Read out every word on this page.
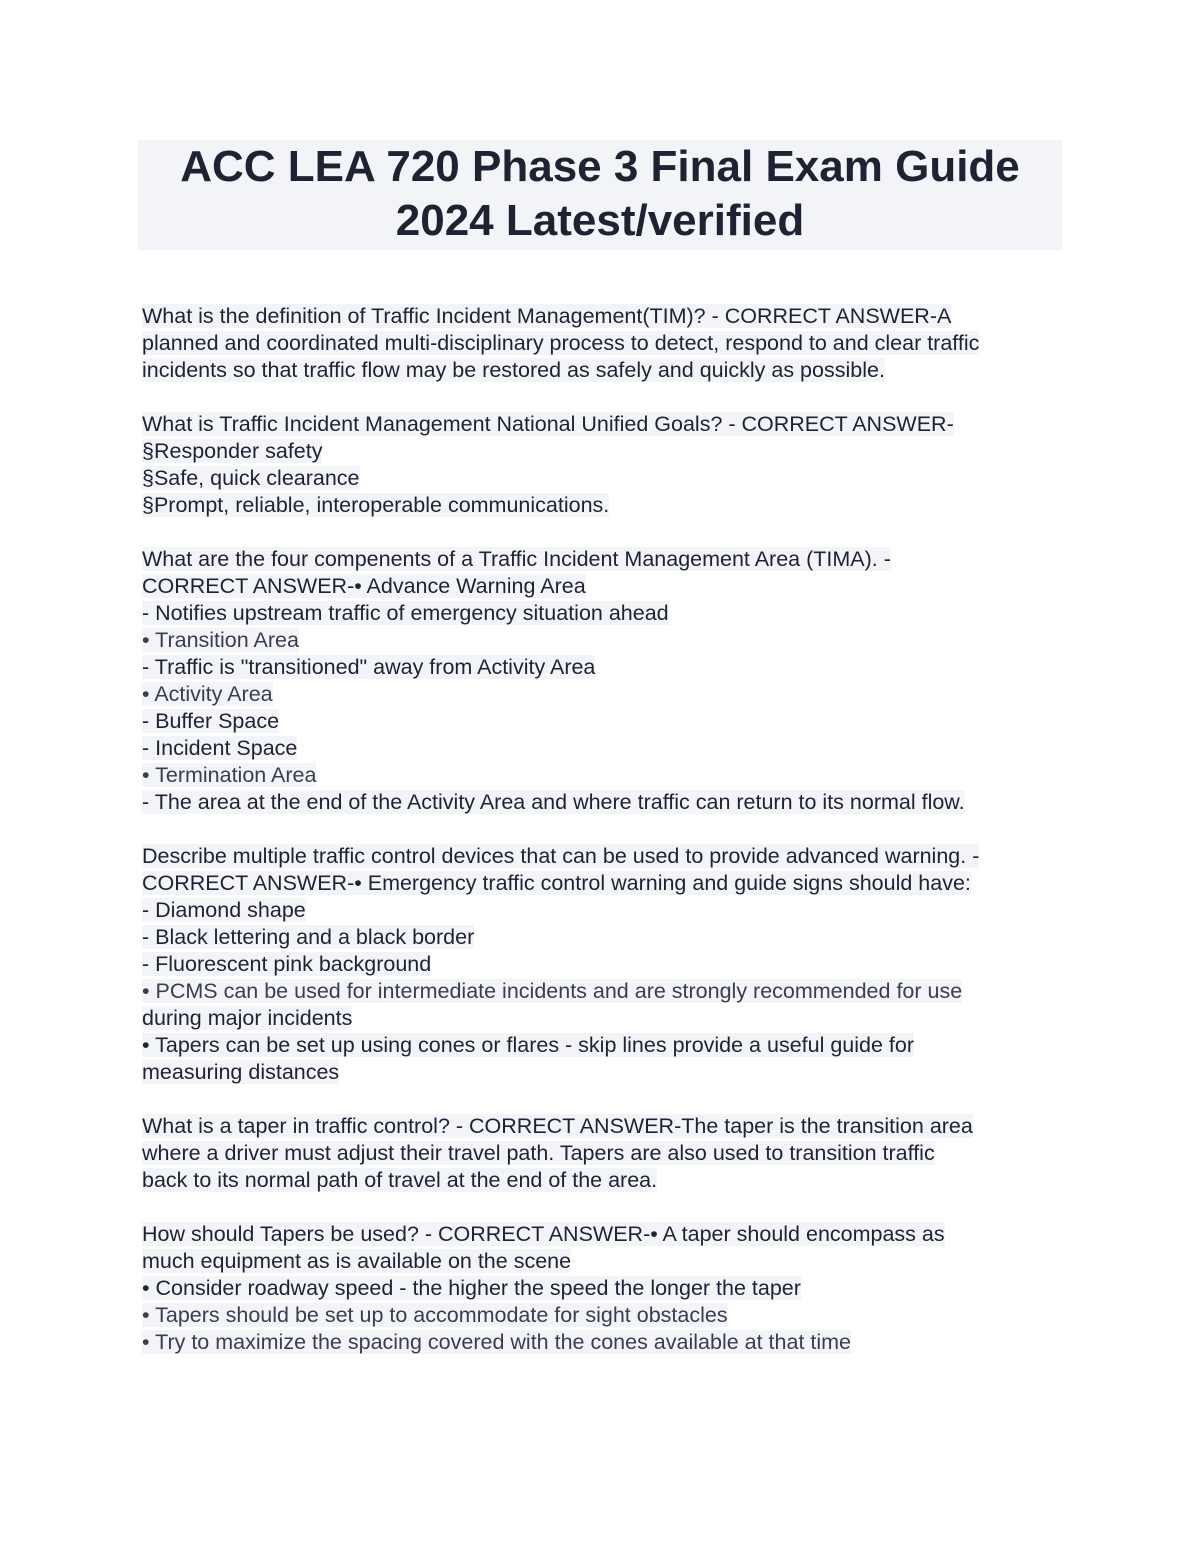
ACC LEA 720 Phase 3 Final Exam Guide
2024 Latest/verified
What is the definition of Traffic Incident Management(TIM)? - CORRECT ANSWER-A
planned and coordinated multi-disciplinary process to detect, respond to and clear traffic
incidents so that traffic flow may be restored as safely and quickly as possible.
What is Traffic Incident Management National Unified Goals? - CORRECT ANSWER-
§Responder safety
§Safe, quick clearance
§Prompt, reliable, interoperable communications.
What are the four compenents of a Traffic Incident Management Area (TIMA). -
CORRECT ANSWER-• Advance Warning Area
- Notifies upstream traffic of emergency situation ahead
• Transition Area
- Traffic is "transitioned" away from Activity Area
• Activity Area
- Buffer Space
- Incident Space
• Termination Area
- The area at the end of the Activity Area and where traffic can return to its normal flow.
Describe multiple traffic control devices that can be used to provide advanced warning. -
CORRECT ANSWER-• Emergency traffic control warning and guide signs should have:
- Diamond shape
- Black lettering and a black border
- Fluorescent pink background
• PCMS can be used for intermediate incidents and are strongly recommended for use
during major incidents
• Tapers can be set up using cones or flares - skip lines provide a useful guide for
measuring distances
What is a taper in traffic control? - CORRECT ANSWER-The taper is the transition area
where a driver must adjust their travel path. Tapers are also used to transition traffic
back to its normal path of travel at the end of the area.
How should Tapers be used? - CORRECT ANSWER-• A taper should encompass as
much equipment as is available on the scene
• Consider roadway speed - the higher the speed the longer the taper
• Tapers should be set up to accommodate for sight obstacles
• Try to maximize the spacing covered with the cones available at that time
